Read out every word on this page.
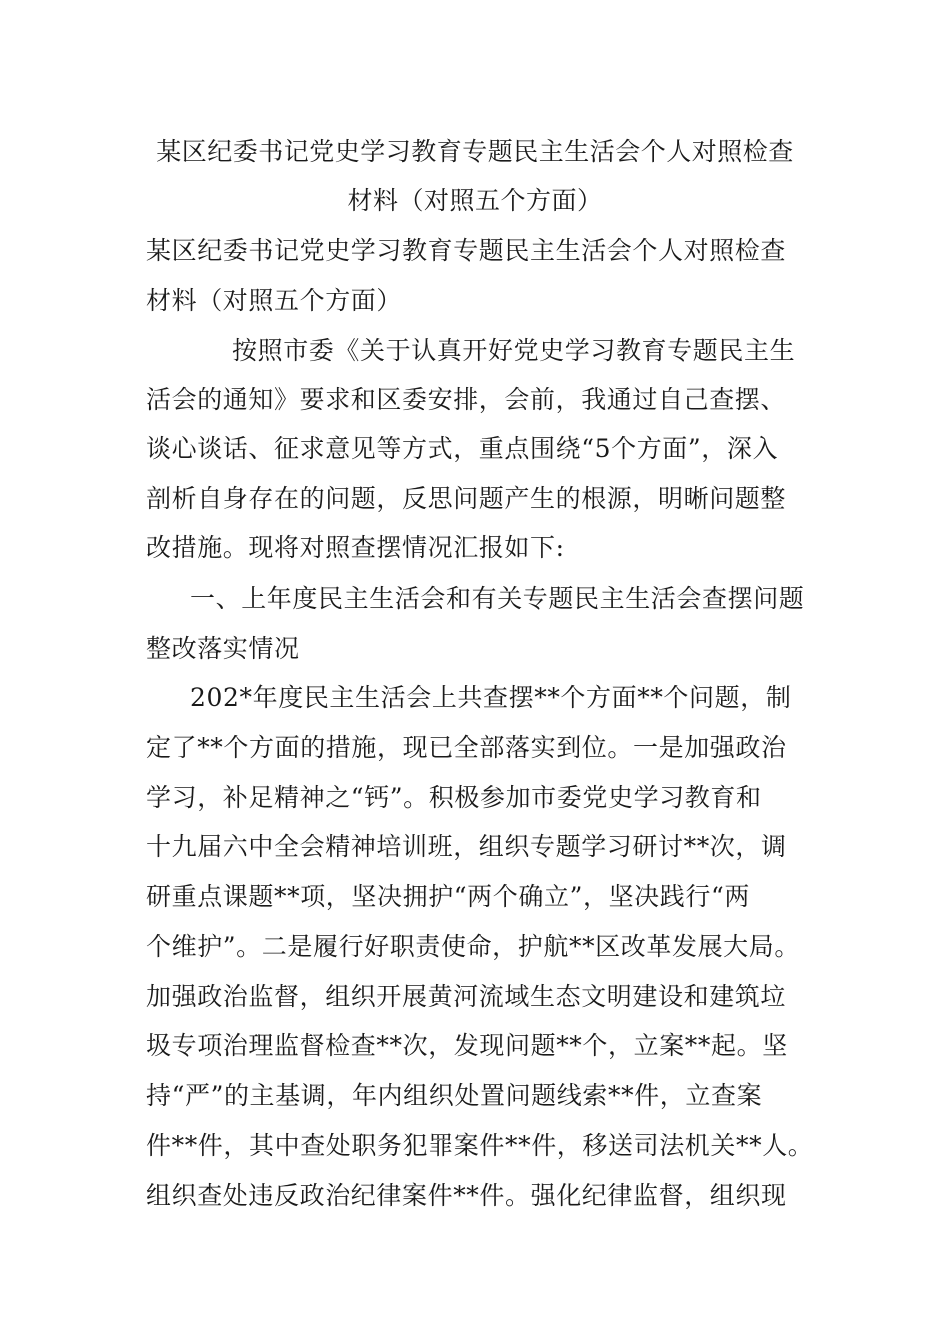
某区纪委书记党史学习教育专题民主生活会个人对照检查
材料（对照五个方面）
某区纪委书记党史学习教育专题民主生活会个人对照检查
材料（对照五个方面）
按照市委《关于认真开好党史学习教育专题民主生
活会的通知》要求和区委安排，会前，我通过自己查摆、
谈心谈话、征求意见等方式，重点围绕“5个方面”，深入
剖析自身存在的问题，反思问题产生的根源，明晰问题整
改措施。现将对照查摆情况汇报如下:
一、上年度民主生活会和有关专题民主生活会查摆问题
整改落实情况
202*年度民主生活会上共查摆**个方面**个问题，制
定了**个方面的措施，现已全部落实到位。一是加强政治
学习，补足精神之“钙”。积极参加市委党史学习教育和
十九届六中全会精神培训班，组织专题学习研讨**次，调
研重点课题**项，坚决拥护“两个确立”，坚决践行“两
个维护”。二是履行好职责使命，护航**区改革发展大局。
加强政治监督，组织开展黄河流域生态文明建设和建筑垃
圾专项治理监督检查**次，发现问题**个，立案**起。坚
持“严”的主基调，年内组织处置问题线索**件，立查案
件**件，其中查处职务犯罪案件**件，移送司法机关**人。
组织查处违反政治纪律案件**件。强化纪律监督，组织现
